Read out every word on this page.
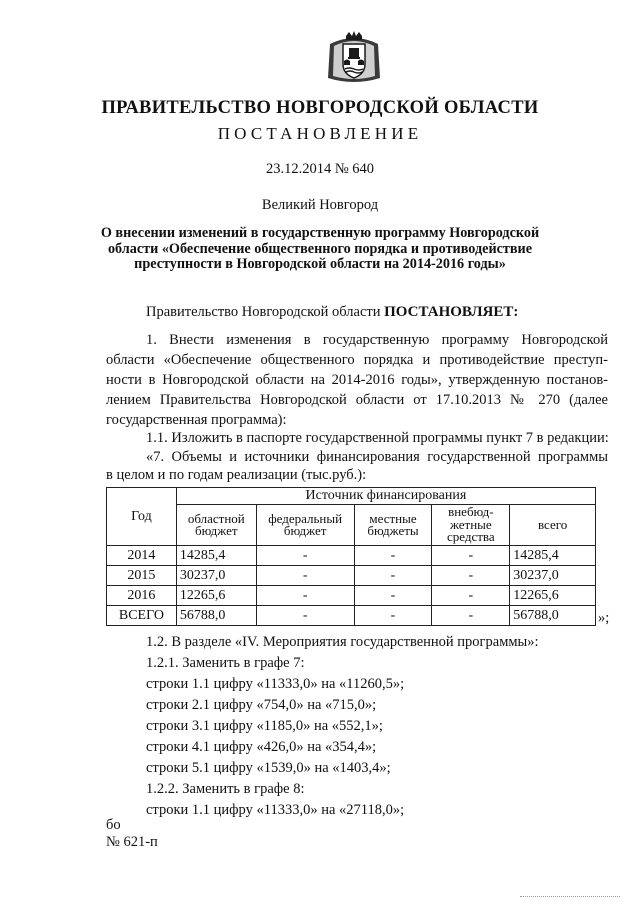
ПРАВИТЕЛЬСТВО НОВГОРОДСКОЙ ОБЛАСТИ
ПОСТАНОВЛЕНИЕ
23.12.2014 № 640
Великий Новгород
О внесении изменений в государственную программу Новгородской
области «Обеспечение общественного порядка и противодействие
преступности в Новгородской области на 2014-2016 годы»
Правительство Новгородской области ПОСТАНОВЛЯЕТ:
1. Внести изменения в государственную программу Новгородской
области «Обеспечение общественного порядка и противодействие преступ-
ности в Новгородской области на 2014-2016 годы», утвержденную постанов-
лением Правительства Новгородской области от 17.10.2013 № 270 (далее
государственная программа):
1.1. Изложить в паспорте государственной программы пункт 7 в редакции:
«7. Объемы и источники финансирования государственной программы
в целом и по годам реализации (тыс.руб.):
Год	Источник финансирования				
	областной бюджет	федеральный бюджет	местные бюджеты	внебюд-жетные средства	всего
2014	14285,4	-	-	-	14285,4
2015	30237,0	-	-	-	30237,0
2016	12265,6	-	-	-	12265,6
ВСЕГО	56788,0	-	-	-	56788,0	»;
1.2. В разделе «IV. Мероприятия государственной программы»:
1.2.1. Заменить в графе 7:
строки 1.1 цифру «11333,0» на «11260,5»;
строки 2.1 цифру «754,0» на «715,0»;
строки 3.1 цифру «1185,0» на «552,1»;
строки 4.1 цифру «426,0» на «354,4»;
строки 5.1 цифру «1539,0» на «1403,4»;
1.2.2. Заменить в графе 8:
строки 1.1 цифру «11333,0» на «27118,0»;
бо
№ 621-п
